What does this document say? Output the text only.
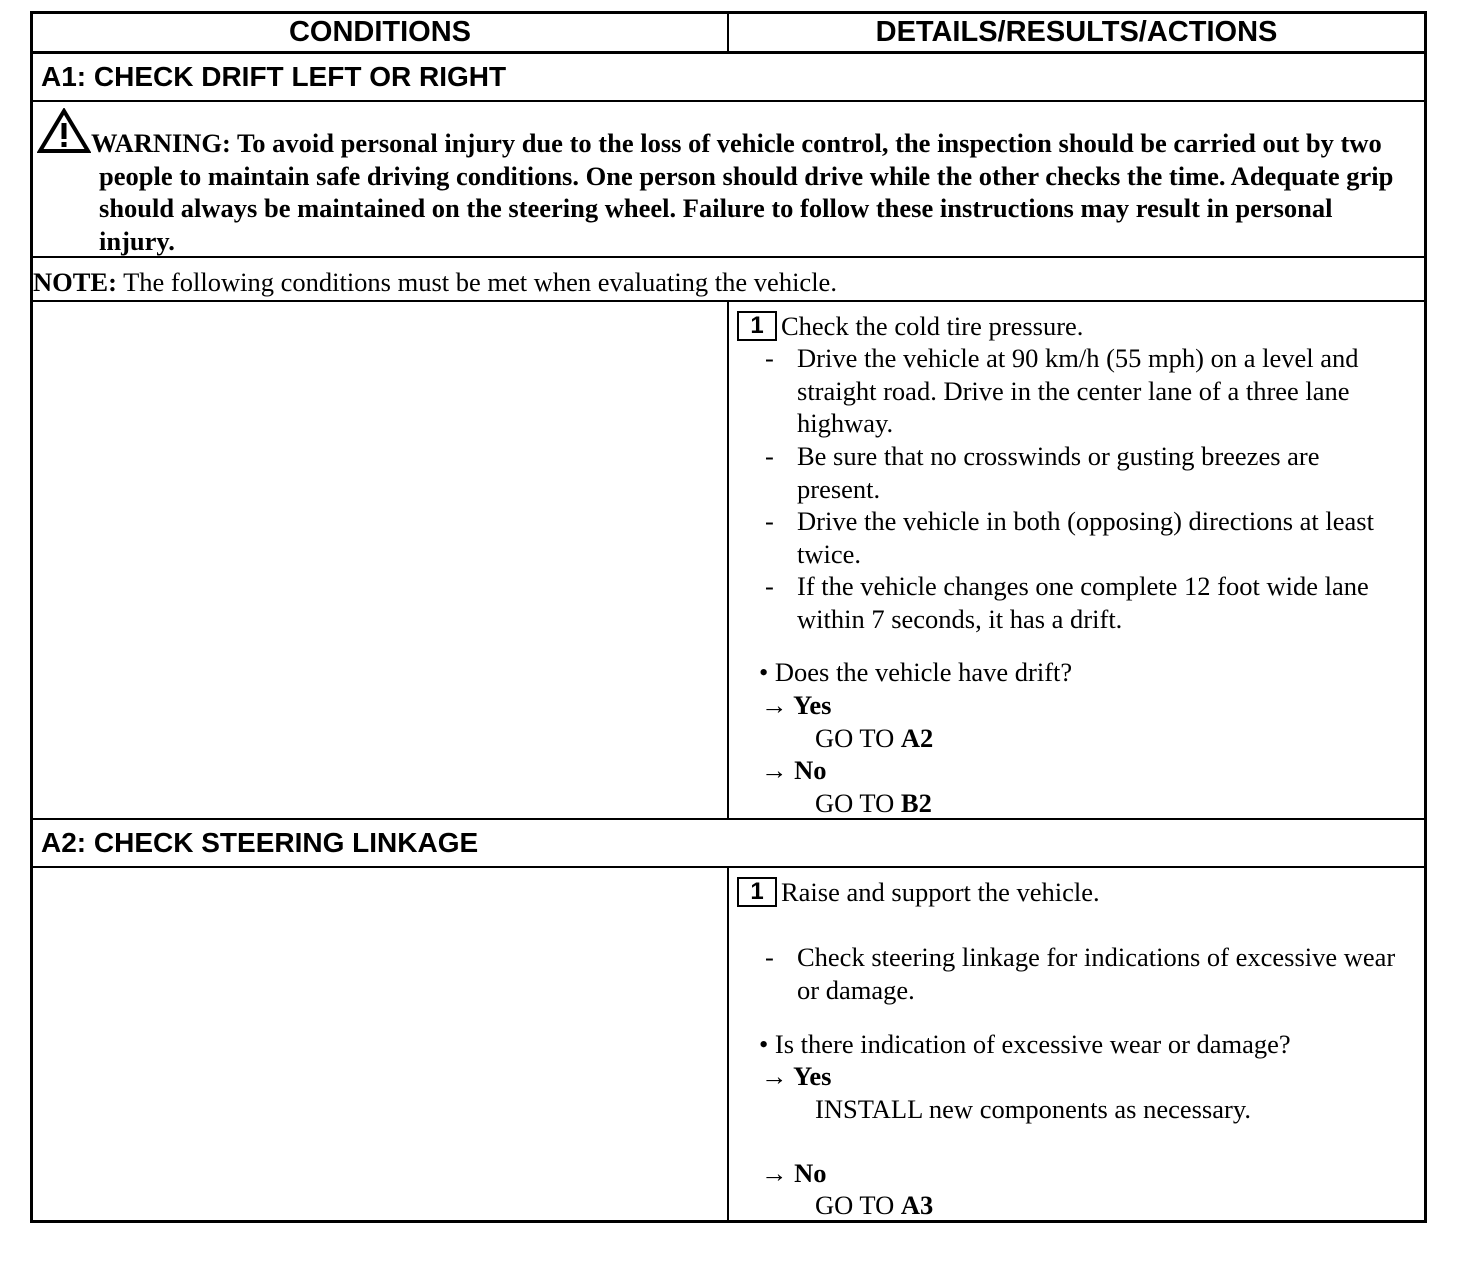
CONDITIONS	DETAILS/RESULTS/ACTIONS
A1: CHECK DRIFT LEFT OR RIGHT
WARNING: To avoid personal injury due to the loss of vehicle control, the inspection should be carried out by two people to maintain safe driving conditions. One person should drive while the other checks the time. Adequate grip should always be maintained on the steering wheel. Failure to follow these instructions may result in personal injury.
NOTE: The following conditions must be met when evaluating the vehicle.
1 Check the cold tire pressure.
- Drive the vehicle at 90 km/h (55 mph) on a level and straight road. Drive in the center lane of a three lane highway.
- Be sure that no crosswinds or gusting breezes are present.
- Drive the vehicle in both (opposing) directions at least twice.
- If the vehicle changes one complete 12 foot wide lane within 7 seconds, it has a drift.
• Does the vehicle have drift?
→ Yes
GO TO A2
→ No
GO TO B2
A2: CHECK STEERING LINKAGE
1 Raise and support the vehicle.
- Check steering linkage for indications of excessive wear or damage.
• Is there indication of excessive wear or damage?
→ Yes
INSTALL new components as necessary.
→ No
GO TO A3
